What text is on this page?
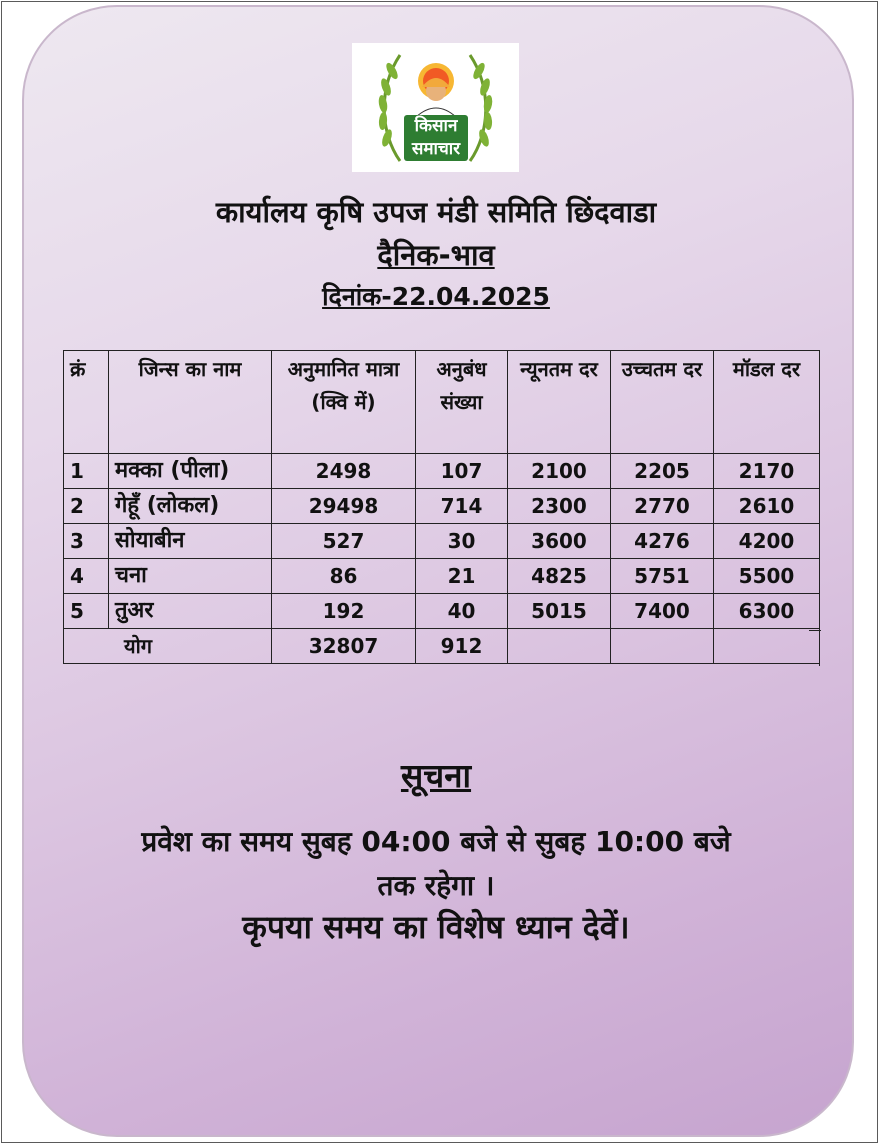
किसान
समाचार
कार्यालय कृषि उपज मंडी समिति छिंदवाडा
दैनिक-भाव
दिनांक-22.04.2025
क्रं	जिन्स का नाम	अनुमानित मात्रा (क्वि में)	अनुबंध संख्या	न्यूनतम दर	उच्चतम दर	मॉडल दर
1	मक्का (पीला)	2498	107	2100	2205	2170
2	गेहूँ (लोकल)	29498	714	2300	2770	2610
3	सोयाबीन	527	30	3600	4276	4200
4	चना	86	21	4825	5751	5500
5	तुअर	192	40	5015	7400	6300
योग		32807	912			
सूचना
प्रवेश का समय सुबह 04:00 बजे से सुबह 10:00 बजे
तक रहेगा ।
कृपया समय का विशेष ध्यान देवें।
